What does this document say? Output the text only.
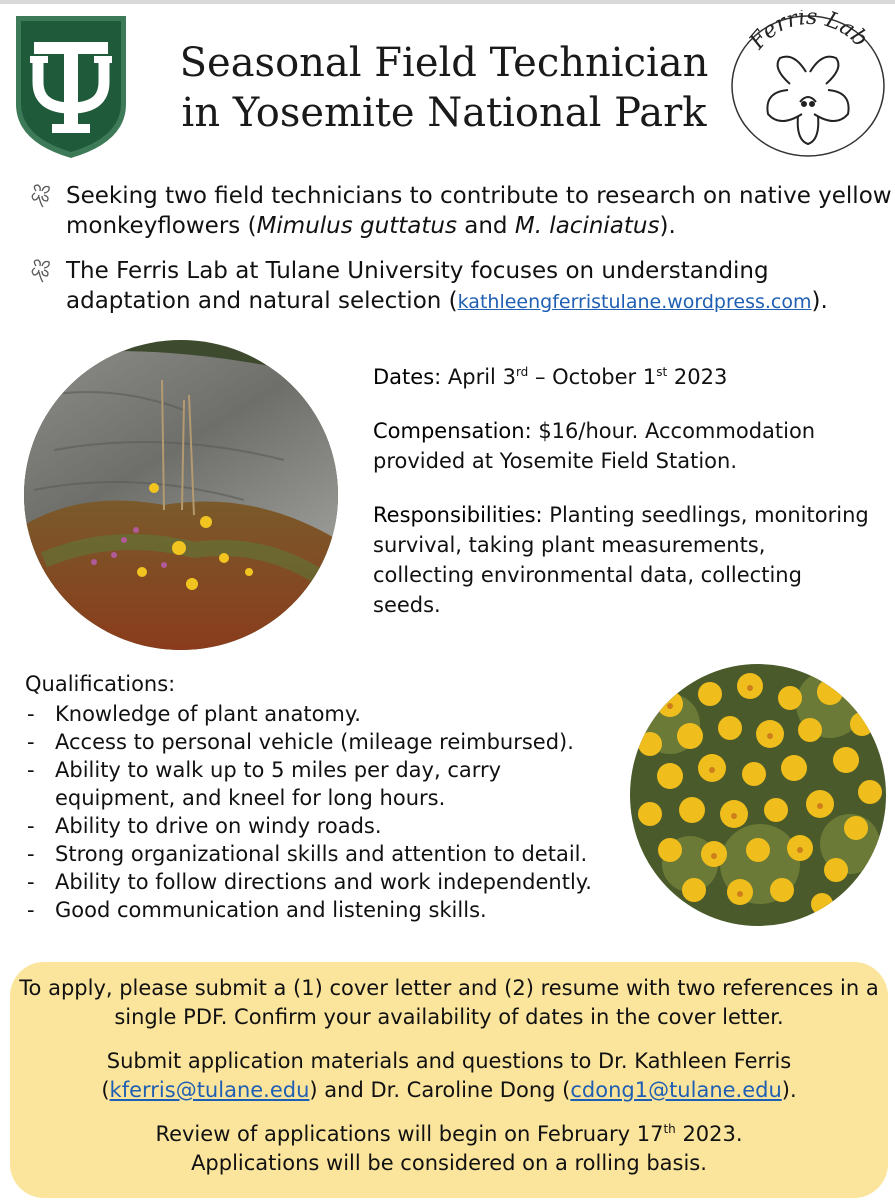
Seasonal Field Technician
in Yosemite National Park
Ferris Lab
Seeking two field technicians to contribute to research on native yellow monkeyflowers (Mimulus guttatus and M. laciniatus).
The Ferris Lab at Tulane University focuses on understanding adaptation and natural selection (kathleengferristulane.wordpress.com).

Dates: April 3rd – October 1st 2023

Compensation: $16/hour. Accommodation provided at Yosemite Field Station.

Responsibilities: Planting seedlings, monitoring survival, taking plant measurements, collecting environmental data, collecting seeds.

Qualifications:
- Knowledge of plant anatomy.
- Access to personal vehicle (mileage reimbursed).
- Ability to walk up to 5 miles per day, carry equipment, and kneel for long hours.
- Ability to drive on windy roads.
- Strong organizational skills and attention to detail.
- Ability to follow directions and work independently.
- Good communication and listening skills.

To apply, please submit a (1) cover letter and (2) resume with two references in a single PDF. Confirm your availability of dates in the cover letter.

Submit application materials and questions to Dr. Kathleen Ferris (kferris@tulane.edu) and Dr. Caroline Dong (cdong1@tulane.edu).

Review of applications will begin on February 17th 2023.
Applications will be considered on a rolling basis.
